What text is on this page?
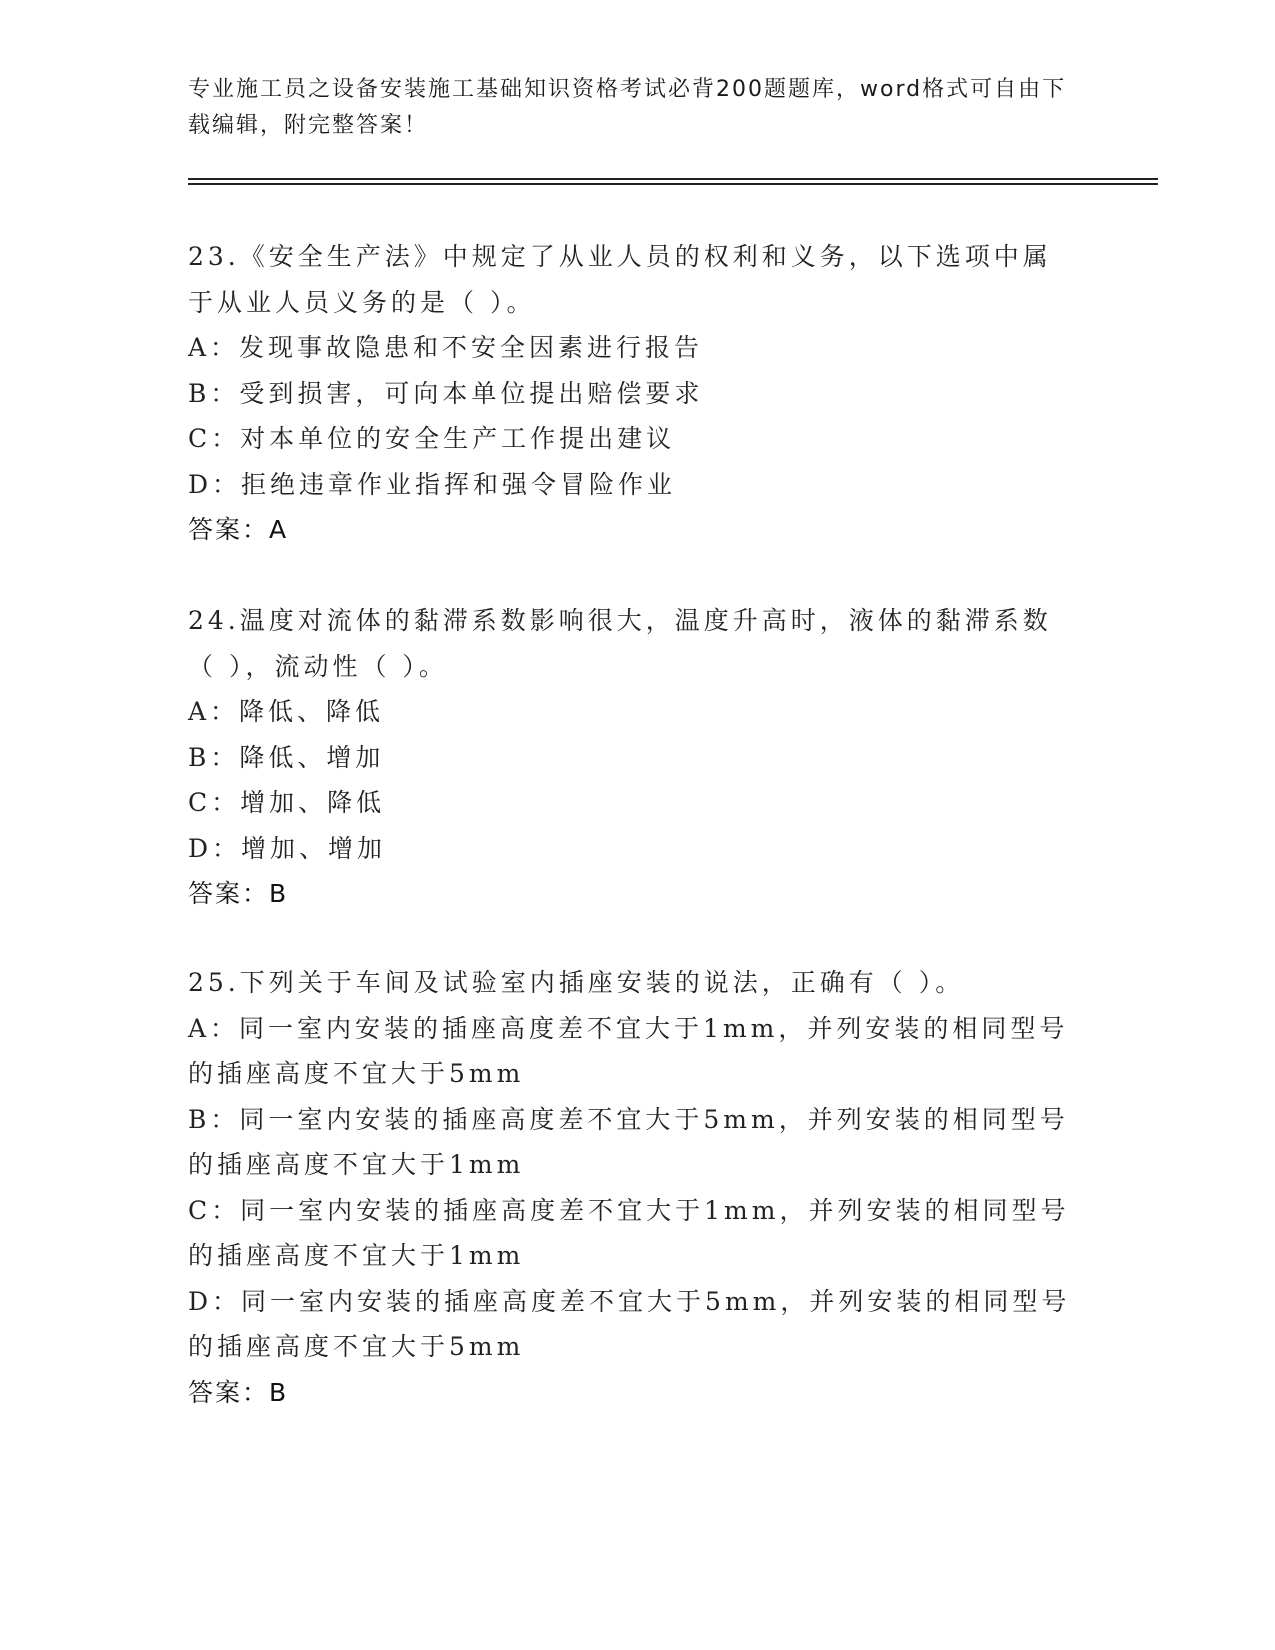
专业施工员之设备安装施工基础知识资格考试必背200题题库，word格式可自由下载编辑，附完整答案！
23.《安全生产法》中规定了从业人员的权利和义务，以下选项中属于从业人员义务的是（ ）。
A：发现事故隐患和不安全因素进行报告
B：受到损害，可向本单位提出赔偿要求
C：对本单位的安全生产工作提出建议
D：拒绝违章作业指挥和强令冒险作业
答案：A
24.温度对流体的黏滞系数影响很大，温度升高时，液体的黏滞系数（ ），流动性（ ）。
A：降低、降低
B：降低、增加
C：增加、降低
D：增加、增加
答案：B
25.下列关于车间及试验室内插座安装的说法，正确有（ ）。
A：同一室内安装的插座高度差不宜大于1mm，并列安装的相同型号的插座高度不宜大于5mm
B：同一室内安装的插座高度差不宜大于5mm，并列安装的相同型号的插座高度不宜大于1mm
C：同一室内安装的插座高度差不宜大于1mm，并列安装的相同型号的插座高度不宜大于1mm
D：同一室内安装的插座高度差不宜大于5mm，并列安装的相同型号的插座高度不宜大于5mm
答案：B
